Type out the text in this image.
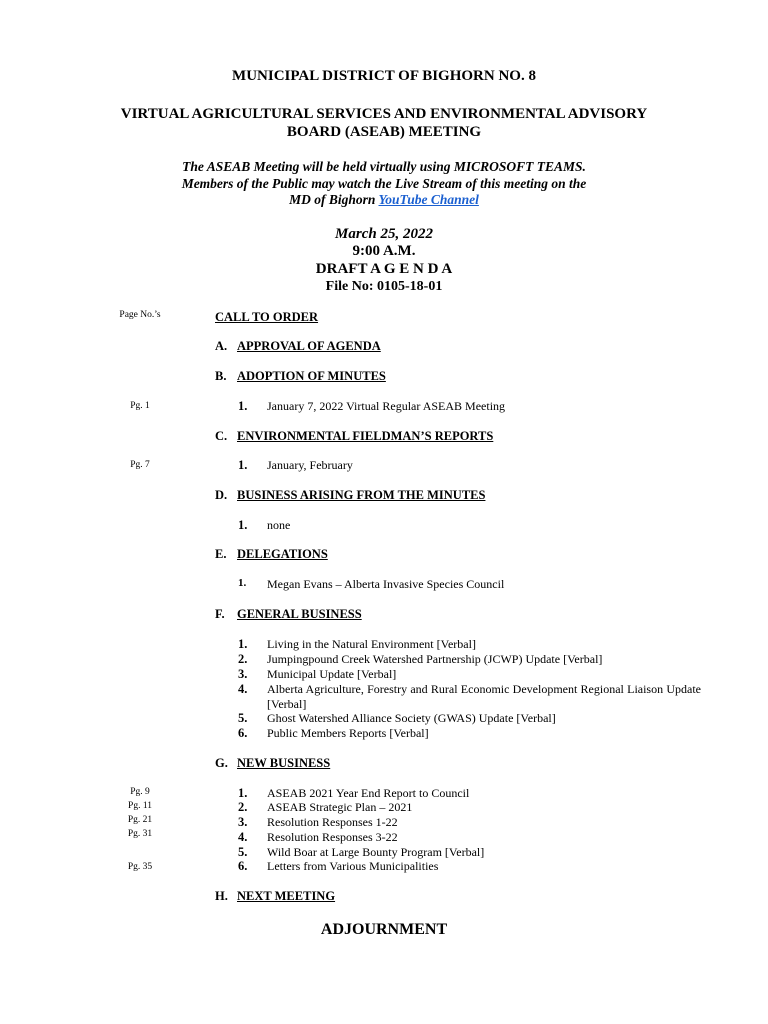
MUNICIPAL DISTRICT OF BIGHORN NO. 8
VIRTUAL AGRICULTURAL SERVICES AND ENVIRONMENTAL ADVISORY
BOARD (ASEAB) MEETING
The ASEAB Meeting will be held virtually using MICROSOFT TEAMS.
Members of the Public may watch the Live Stream of this meeting on the
MD of Bighorn YouTube Channel
March 25, 2022
9:00 A.M.
DRAFT A G E N D A
File No: 0105-18-01
Page No.’s	CALL TO ORDER
A. APPROVAL OF AGENDA
B. ADOPTION OF MINUTES
Pg. 1	1. January 7, 2022 Virtual Regular ASEAB Meeting
C. ENVIRONMENTAL FIELDMAN’S REPORTS
Pg. 7	1. January, February
D. BUSINESS ARISING FROM THE MINUTES
1. none
E. DELEGATIONS
1. Megan Evans – Alberta Invasive Species Council
F. GENERAL BUSINESS
1. Living in the Natural Environment [Verbal]
2. Jumpingpound Creek Watershed Partnership (JCWP) Update [Verbal]
3. Municipal Update [Verbal]
4. Alberta Agriculture, Forestry and Rural Economic Development Regional Liaison Update [Verbal]
5. Ghost Watershed Alliance Society (GWAS) Update [Verbal]
6. Public Members Reports [Verbal]
G. NEW BUSINESS
Pg. 9	1. ASEAB 2021 Year End Report to Council
Pg. 11	2. ASEAB Strategic Plan – 2021
Pg. 21	3. Resolution Responses 1-22
Pg. 31	4. Resolution Responses 3-22
5. Wild Boar at Large Bounty Program [Verbal]
Pg. 35	6. Letters from Various Municipalities
H. NEXT MEETING
ADJOURNMENT
